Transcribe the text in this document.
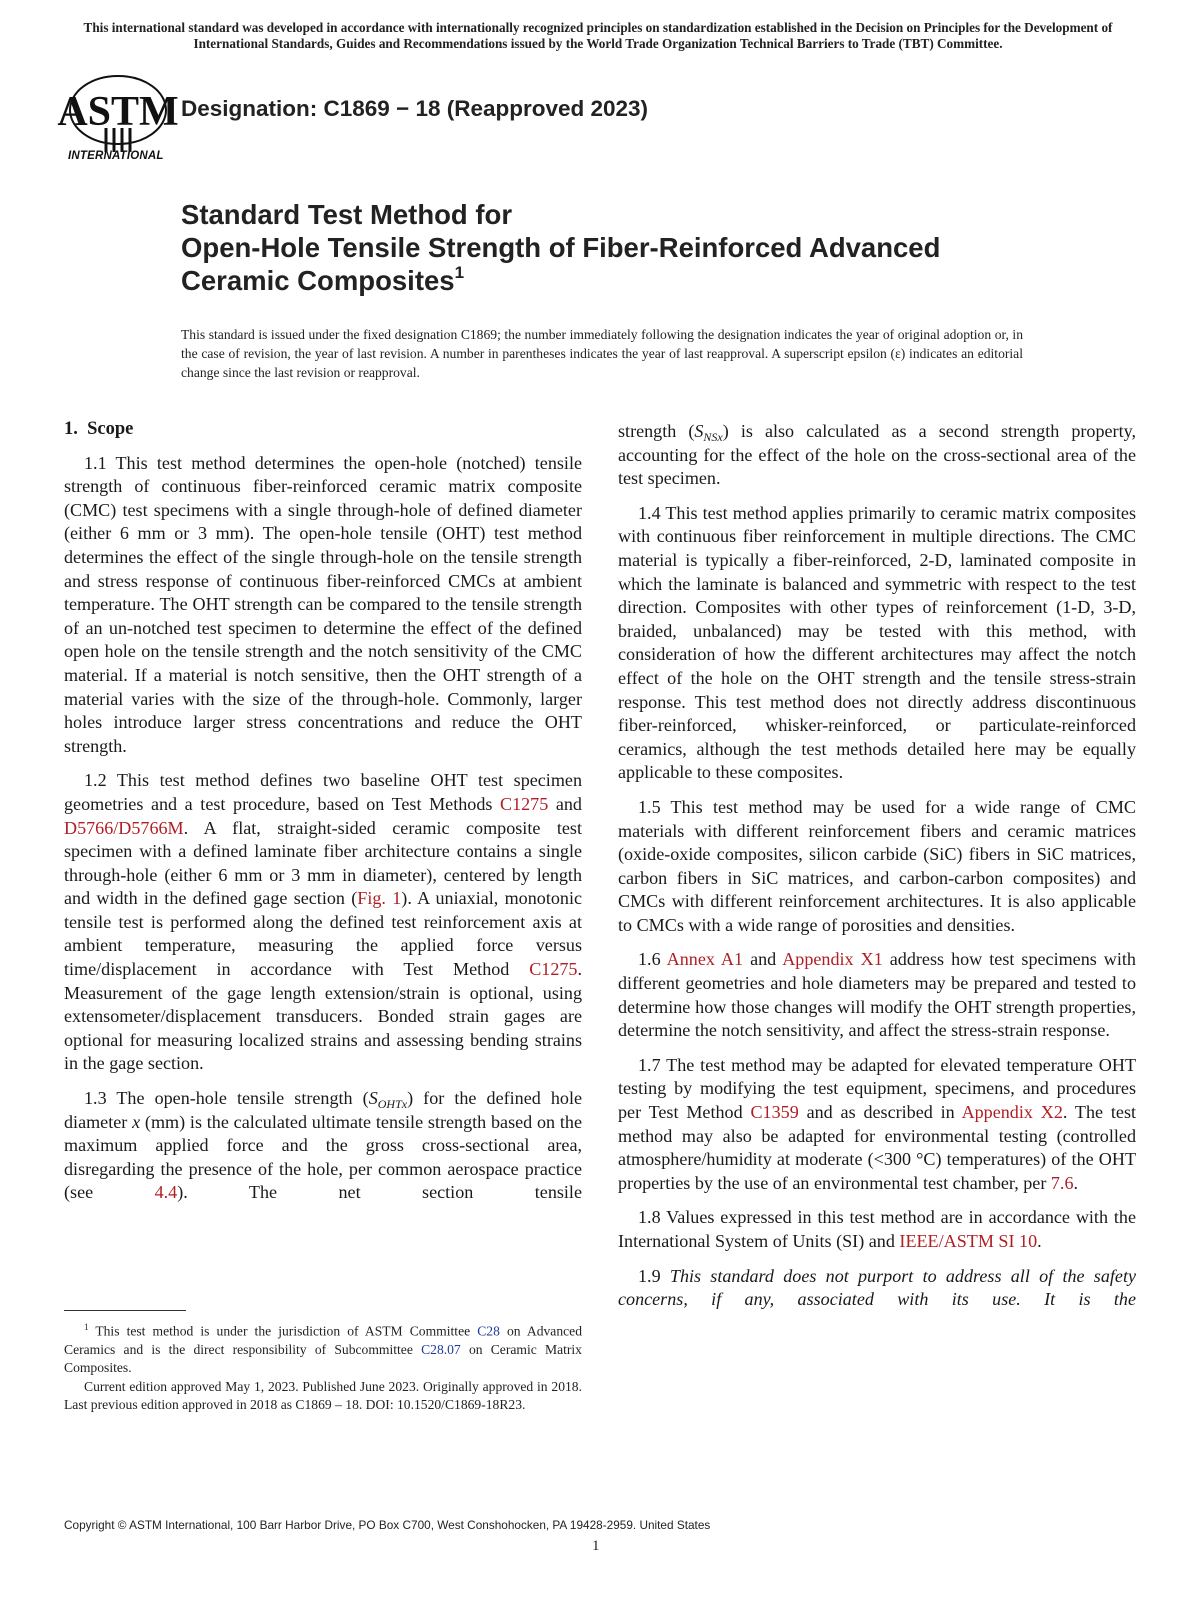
This international standard was developed in accordance with internationally recognized principles on standardization established in the Decision on Principles for the Development of International Standards, Guides and Recommendations issued by the World Trade Organization Technical Barriers to Trade (TBT) Committee.
ASTM
INTERNATIONAL
Designation: C1869 − 18 (Reapproved 2023)
Standard Test Method for
Open-Hole Tensile Strength of Fiber-Reinforced Advanced
Ceramic Composites$^1$
This standard is issued under the fixed designation C1869; the number immediately following the designation indicates the year of original adoption or, in the case of revision, the year of last revision. A number in parentheses indicates the year of last reapproval. A superscript epsilon (ε) indicates an editorial change since the last revision or reapproval.
1. Scope

1.1 This test method determines the open-hole (notched) tensile strength of continuous fiber-reinforced ceramic matrix composite (CMC) test specimens with a single through-hole of defined diameter (either 6 mm or 3 mm). The open-hole tensile (OHT) test method determines the effect of the single through-hole on the tensile strength and stress response of continuous fiber-reinforced CMCs at ambient temperature. The OHT strength can be compared to the tensile strength of an un-notched test specimen to determine the effect of the defined open hole on the tensile strength and the notch sensitivity of the CMC material. If a material is notch sensitive, then the OHT strength of a material varies with the size of the through-hole. Commonly, larger holes introduce larger stress concentrations and reduce the OHT strength.

1.2 This test method defines two baseline OHT test specimen geometries and a test procedure, based on Test Methods C1275 and D5766/D5766M. A flat, straight-sided ceramic composite test specimen with a defined laminate fiber architecture contains a single through-hole (either 6 mm or 3 mm in diameter), centered by length and width in the defined gage section (Fig. 1). A uniaxial, monotonic tensile test is performed along the defined test reinforcement axis at ambient temperature, measuring the applied force versus time/displacement in accordance with Test Method C1275. Measurement of the gage length extension/strain is optional, using extensometer/displacement transducers. Bonded strain gages are optional for measuring localized strains and assessing bending strains in the gage section.

1.3 The open-hole tensile strength $(S_{OHTx})$ for the defined hole diameter x (mm) is the calculated ultimate tensile strength based on the maximum applied force and the gross cross-sectional area, disregarding the presence of the hole, per common aerospace practice (see 4.4). The net section tensile

strength $(S_{NSx})$ is also calculated as a second strength property, accounting for the effect of the hole on the cross-sectional area of the test specimen.

1.4 This test method applies primarily to ceramic matrix composites with continuous fiber reinforcement in multiple directions. The CMC material is typically a fiber-reinforced, 2-D, laminated composite in which the laminate is balanced and symmetric with respect to the test direction. Composites with other types of reinforcement (1-D, 3-D, braided, unbalanced) may be tested with this method, with consideration of how the different architectures may affect the notch effect of the hole on the OHT strength and the tensile stress-strain response. This test method does not directly address discontinuous fiber-reinforced, whisker-reinforced, or particulate-reinforced ceramics, although the test methods detailed here may be equally applicable to these composites.

1.5 This test method may be used for a wide range of CMC materials with different reinforcement fibers and ceramic matrices (oxide-oxide composites, silicon carbide (SiC) fibers in SiC matrices, carbon fibers in SiC matrices, and carbon-carbon composites) and CMCs with different reinforcement architectures. It is also applicable to CMCs with a wide range of porosities and densities.

1.6 Annex A1 and Appendix X1 address how test specimens with different geometries and hole diameters may be prepared and tested to determine how those changes will modify the OHT strength properties, determine the notch sensitivity, and affect the stress-strain response.

1.7 The test method may be adapted for elevated temperature OHT testing by modifying the test equipment, specimens, and procedures per Test Method C1359 and as described in Appendix X2. The test method may also be adapted for environmental testing (controlled atmosphere/humidity at moderate (<300 °C) temperatures) of the OHT properties by the use of an environmental test chamber, per 7.6.

1.8 Values expressed in this test method are in accordance with the International System of Units (SI) and IEEE/ASTM SI 10.

1.9 This standard does not purport to address all of the safety concerns, if any, associated with its use. It is the

$^1$ This test method is under the jurisdiction of ASTM Committee C28 on Advanced Ceramics and is the direct responsibility of Subcommittee C28.07 on Ceramic Matrix Composites.

Current edition approved May 1, 2023. Published June 2023. Originally approved in 2018. Last previous edition approved in 2018 as C1869 – 18. DOI: 10.1520/C1869-18R23.

Copyright © ASTM International, 100 Barr Harbor Drive, PO Box C700, West Conshohocken, PA 19428-2959. United States
1
